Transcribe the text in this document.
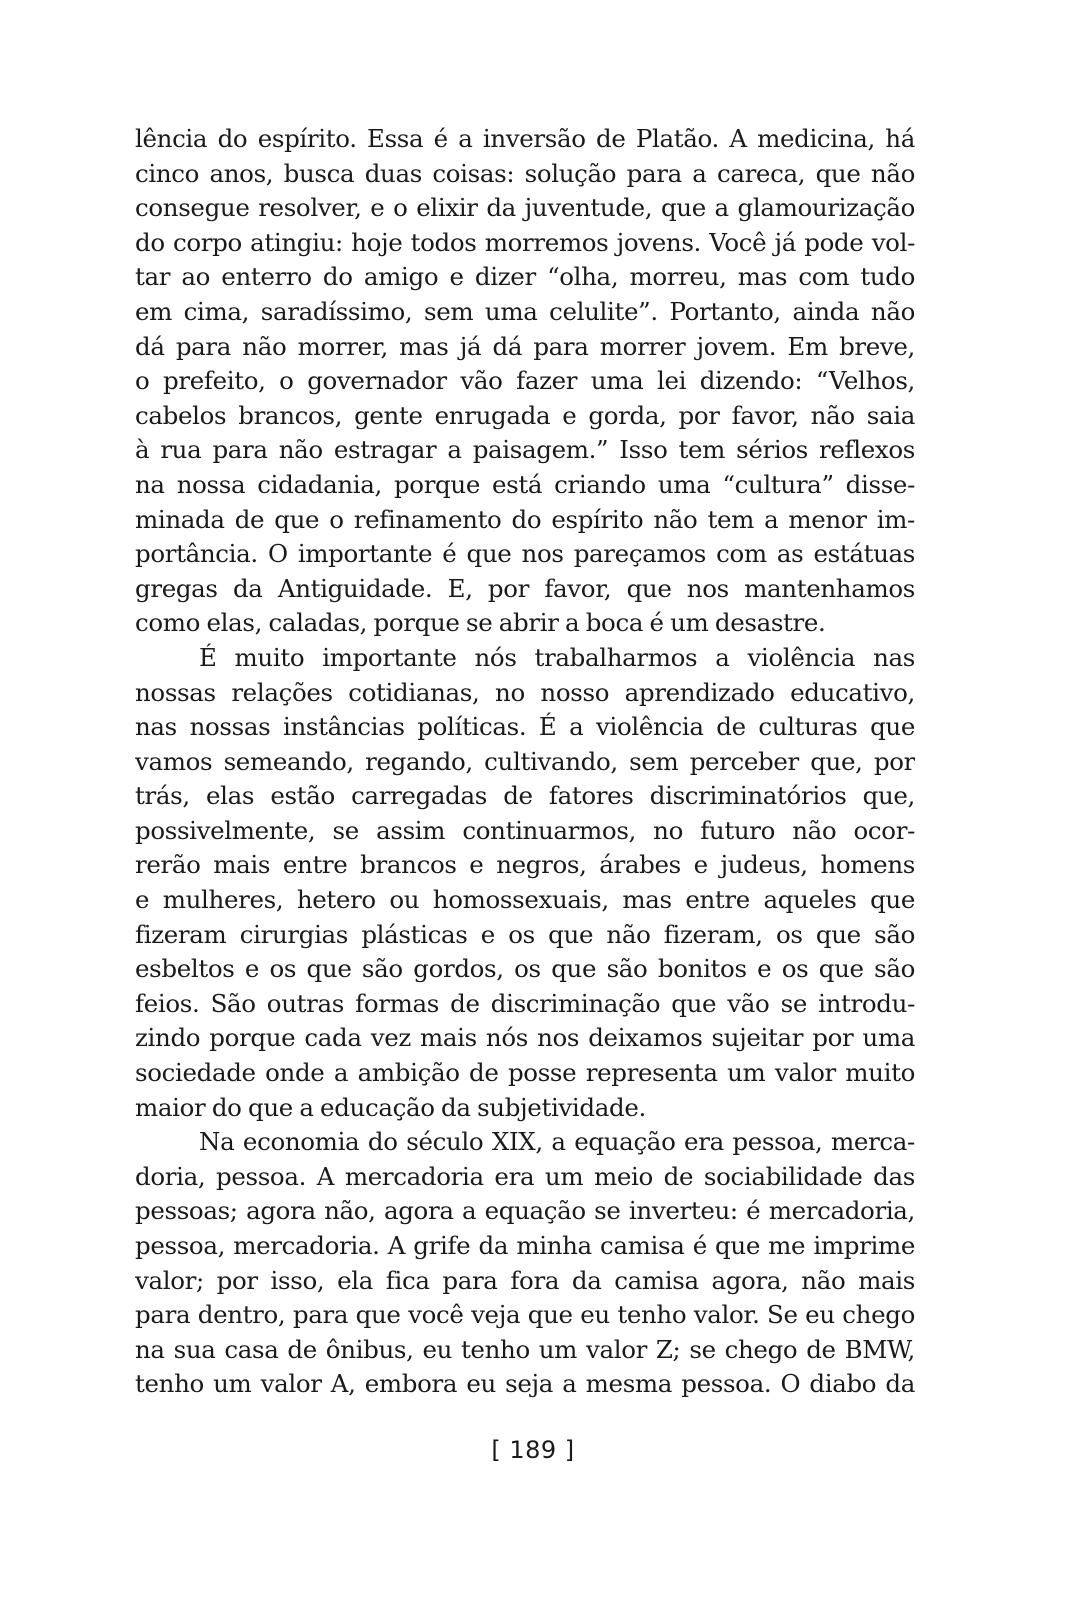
lência do espírito. Essa é a inversão de Platão. A medicina, há
cinco anos, busca duas coisas: solução para a careca, que não
consegue resolver, e o elixir da juventude, que a glamourização
do corpo atingiu: hoje todos morremos jovens. Você já pode vol-
tar ao enterro do amigo e dizer “olha, morreu, mas com tudo
em cima, saradíssimo, sem uma celulite”. Portanto, ainda não
dá para não morrer, mas já dá para morrer jovem. Em breve,
o prefeito, o governador vão fazer uma lei dizendo: “Velhos,
cabelos brancos, gente enrugada e gorda, por favor, não saia
à rua para não estragar a paisagem.” Isso tem sérios reflexos
na nossa cidadania, porque está criando uma “cultura” disse-
minada de que o refinamento do espírito não tem a menor im-
portância. O importante é que nos pareçamos com as estátuas
gregas da Antiguidade. E, por favor, que nos mantenhamos
como elas, caladas, porque se abrir a boca é um desastre.
É muito importante nós trabalharmos a violência nas
nossas relações cotidianas, no nosso aprendizado educativo,
nas nossas instâncias políticas. É a violência de culturas que
vamos semeando, regando, cultivando, sem perceber que, por
trás, elas estão carregadas de fatores discriminatórios que,
possivelmente, se assim continuarmos, no futuro não ocor-
rerão mais entre brancos e negros, árabes e judeus, homens
e mulheres, hetero ou homossexuais, mas entre aqueles que
fizeram cirurgias plásticas e os que não fizeram, os que são
esbeltos e os que são gordos, os que são bonitos e os que são
feios. São outras formas de discriminação que vão se introdu-
zindo porque cada vez mais nós nos deixamos sujeitar por uma
sociedade onde a ambição de posse representa um valor muito
maior do que a educação da subjetividade.
Na economia do século XIX, a equação era pessoa, merca-
doria, pessoa. A mercadoria era um meio de sociabilidade das
pessoas; agora não, agora a equação se inverteu: é mercadoria,
pessoa, mercadoria. A grife da minha camisa é que me imprime
valor; por isso, ela fica para fora da camisa agora, não mais
para dentro, para que você veja que eu tenho valor. Se eu chego
na sua casa de ônibus, eu tenho um valor Z; se chego de BMW,
tenho um valor A, embora eu seja a mesma pessoa. O diabo da
[ 189 ]
